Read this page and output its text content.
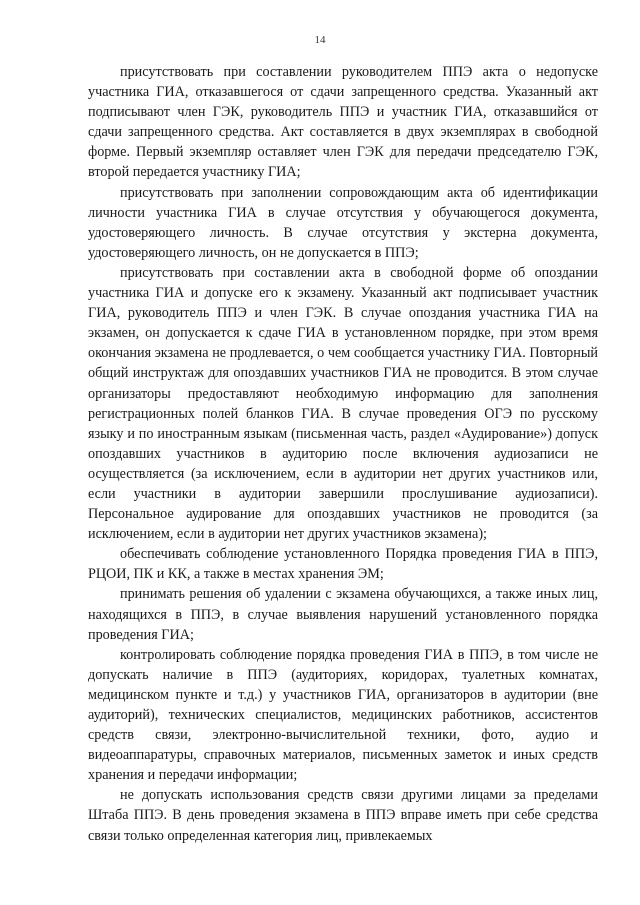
14

присутствовать при составлении руководителем ППЭ акта о недопуске участника ГИА, отказавшегося от сдачи запрещенного средства. Указанный акт подписывают член ГЭК, руководитель ППЭ и участник ГИА, отказавшийся от сдачи запрещенного средства. Акт составляется в двух экземплярах в свободной форме. Первый экземпляр оставляет член ГЭК для передачи председателю ГЭК, второй передается участнику ГИА;

присутствовать при заполнении сопровождающим акта об идентификации личности участника ГИА в случае отсутствия у обучающегося документа, удостоверяющего личность. В случае отсутствия у экстерна документа, удостоверяющего личность, он не допускается в ППЭ;

присутствовать при составлении акта в свободной форме об опоздании участника ГИА и допуске его к экзамену. Указанный акт подписывает участник ГИА, руководитель ППЭ и член ГЭК. В случае опоздания участника ГИА на экзамен, он допускается к сдаче ГИА в установленном порядке, при этом время окончания экзамена не продлевается, о чем сообщается участнику ГИА. Повторный общий инструктаж для опоздавших участников ГИА не проводится. В этом случае организаторы предоставляют необходимую информацию для заполнения регистрационных полей бланков ГИА. В случае проведения ОГЭ по русскому языку и по иностранным языкам (письменная часть, раздел «Аудирование») допуск опоздавших участников в аудиторию после включения аудиозаписи не осуществляется (за исключением, если в аудитории нет других участников или, если участники в аудитории завершили прослушивание аудиозаписи). Персональное аудирование для опоздавших участников не проводится (за исключением, если в аудитории нет других участников экзамена);

обеспечивать соблюдение установленного Порядка проведения ГИА в ППЭ, РЦОИ, ПК и КК, а также в местах хранения ЭМ;

принимать решения об удалении с экзамена обучающихся, а также иных лиц, находящихся в ППЭ, в случае выявления нарушений установленного порядка проведения ГИА;

контролировать соблюдение порядка проведения ГИА в ППЭ, в том числе не допускать наличие в ППЭ (аудиториях, коридорах, туалетных комнатах, медицинском пункте и т.д.) у участников ГИА, организаторов в аудитории (вне аудиторий), технических специалистов, медицинских работников, ассистентов средств связи, электронно-вычислительной техники, фото, аудио и видеоаппаратуры, справочных материалов, письменных заметок и иных средств хранения и передачи информации;

не допускать использования средств связи другими лицами за пределами Штаба ППЭ. В день проведения экзамена в ППЭ вправе иметь при себе средства связи только определенная категория лиц, привлекаемых
